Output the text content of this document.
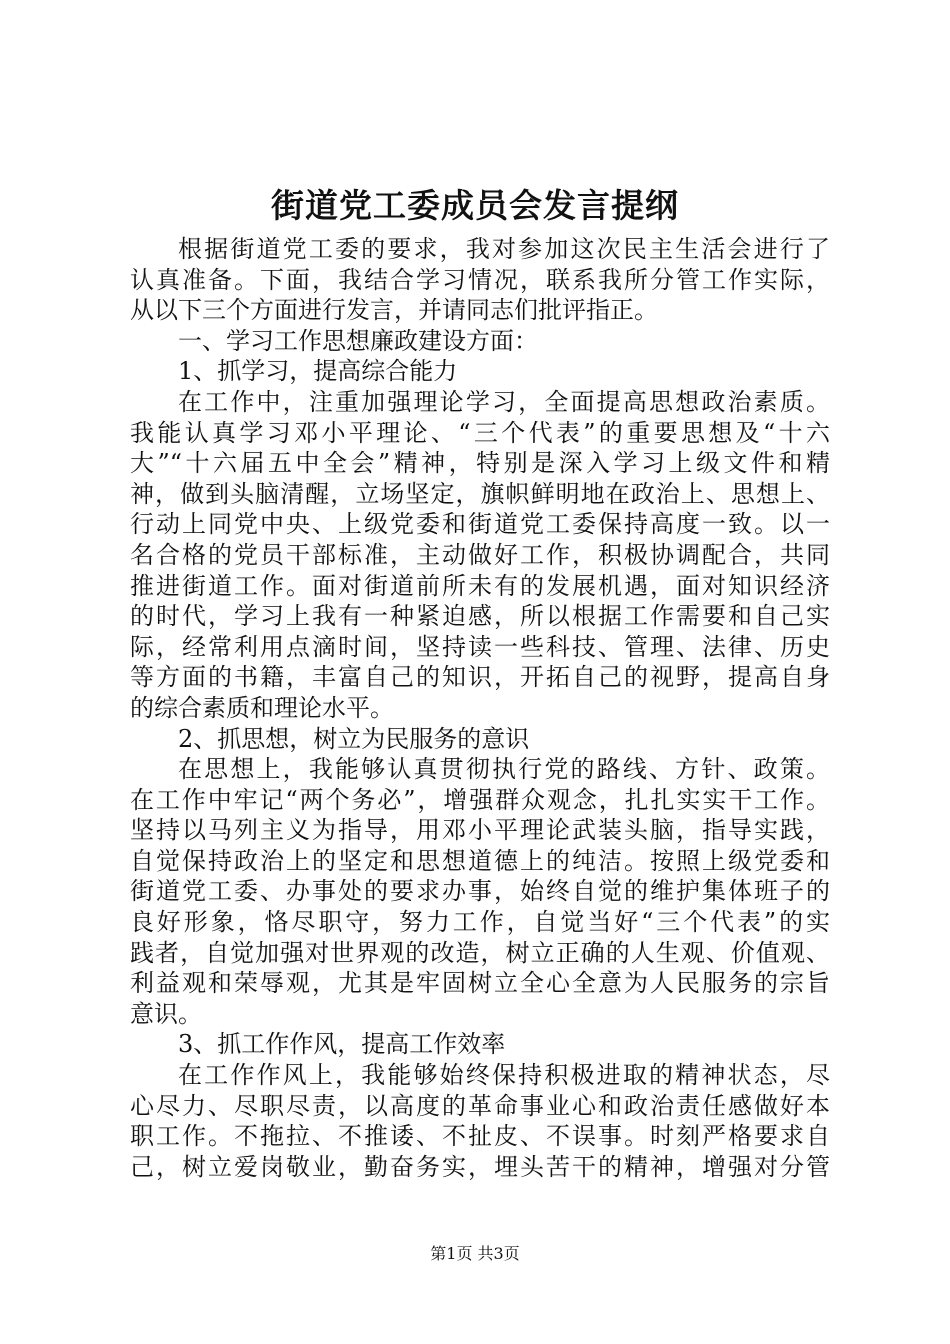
街道党工委成员会发言提纲
根据街道党工委的要求，我对参加这次民主生活会进行了
认真准备。下面，我结合学习情况，联系我所分管工作实际，
从以下三个方面进行发言，并请同志们批评指正。
一、学习工作思想廉政建设方面：
1、抓学习，提高综合能力
在工作中，注重加强理论学习，全面提高思想政治素质。
我能认真学习邓小平理论、“三个代表”的重要思想及“十六
大”“十六届五中全会”精神，特别是深入学习上级文件和精
神，做到头脑清醒，立场坚定，旗帜鲜明地在政治上、思想上、
行动上同党中央、上级党委和街道党工委保持高度一致。以一
名合格的党员干部标准，主动做好工作，积极协调配合，共同
推进街道工作。面对街道前所未有的发展机遇，面对知识经济
的时代，学习上我有一种紧迫感，所以根据工作需要和自己实
际，经常利用点滴时间，坚持读一些科技、管理、法律、历史
等方面的书籍，丰富自己的知识，开拓自己的视野，提高自身
的综合素质和理论水平。
2、抓思想，树立为民服务的意识
在思想上，我能够认真贯彻执行党的路线、方针、政策。
在工作中牢记“两个务必”，增强群众观念，扎扎实实干工作。
坚持以马列主义为指导，用邓小平理论武装头脑，指导实践，
自觉保持政治上的坚定和思想道德上的纯洁。按照上级党委和
街道党工委、办事处的要求办事，始终自觉的维护集体班子的
良好形象，恪尽职守，努力工作，自觉当好“三个代表”的实
践者，自觉加强对世界观的改造，树立正确的人生观、价值观、
利益观和荣辱观，尤其是牢固树立全心全意为人民服务的宗旨
意识。
3、抓工作作风，提高工作效率
在工作作风上，我能够始终保持积极进取的精神状态，尽
心尽力、尽职尽责，以高度的革命事业心和政治责任感做好本
职工作。不拖拉、不推诿、不扯皮、不误事。时刻严格要求自
己，树立爱岗敬业，勤奋务实，埋头苦干的精神，增强对分管
第1页 共3页
